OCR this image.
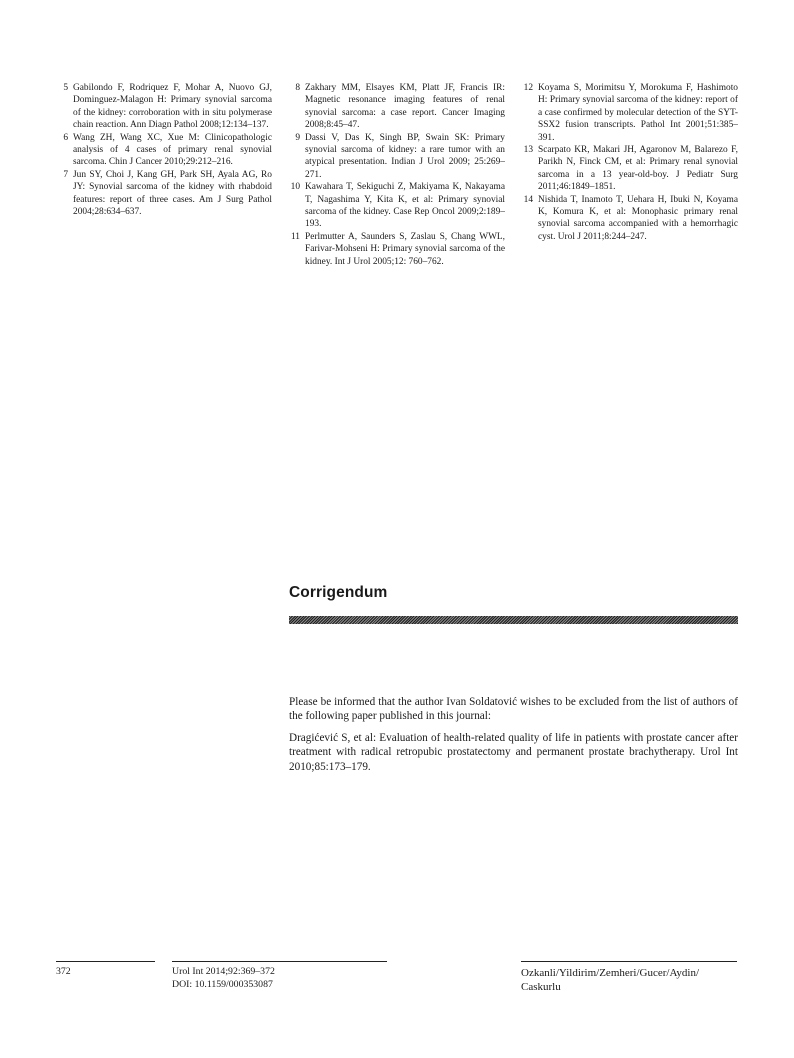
5 Gabilondo F, Rodriquez F, Mohar A, Nuovo GJ, Dominguez-Malagon H: Primary synovial sarcoma of the kidney: corroboration with in situ polymerase chain reaction. Ann Diagn Pathol 2008;12:134–137.
6 Wang ZH, Wang XC, Xue M: Clinicopathologic analysis of 4 cases of primary renal synovial sarcoma. Chin J Cancer 2010;29:212–216.
7 Jun SY, Choi J, Kang GH, Park SH, Ayala AG, Ro JY: Synovial sarcoma of the kidney with rhabdoid features: report of three cases. Am J Surg Pathol 2004;28:634–637.
8 Zakhary MM, Elsayes KM, Platt JF, Francis IR: Magnetic resonance imaging features of renal synovial sarcoma: a case report. Cancer Imaging 2008;8:45–47.
9 Dassi V, Das K, Singh BP, Swain SK: Primary synovial sarcoma of kidney: a rare tumor with an atypical presentation. Indian J Urol 2009; 25:269–271.
10 Kawahara T, Sekiguchi Z, Makiyama K, Nakayama T, Nagashima Y, Kita K, et al: Primary synovial sarcoma of the kidney. Case Rep Oncol 2009;2:189–193.
11 Perlmutter A, Saunders S, Zaslau S, Chang WWL, Farivar-Mohseni H: Primary synovial sarcoma of the kidney. Int J Urol 2005;12: 760–762.
12 Koyama S, Morimitsu Y, Morokuma F, Hashimoto H: Primary synovial sarcoma of the kidney: report of a case confirmed by molecular detection of the SYT-SSX2 fusion transcripts. Pathol Int 2001;51:385–391.
13 Scarpato KR, Makari JH, Agaronov M, Balarezo F, Parikh N, Finck CM, et al: Primary renal synovial sarcoma in a 13 year-old-boy. J Pediatr Surg 2011;46:1849–1851.
14 Nishida T, Inamoto T, Uehara H, Ibuki N, Koyama K, Komura K, et al: Monophasic primary renal synovial sarcoma accompanied with a hemorrhagic cyst. Urol J 2011;8:244–247.
Corrigendum

Please be informed that the author Ivan Soldatović wishes to be excluded from the list of authors of the following paper published in this journal:

Dragićević S, et al: Evaluation of health-related quality of life in patients with prostate cancer after treatment with radical retropubic prostatectomy and permanent prostate brachytherapy. Urol Int 2010;85:173–179.

372	Urol Int 2014;92:369–372
DOI: 10.1159/000353087
Ozkanli/Yildirim/Zemheri/Gucer/Aydin/ Caskurlu
